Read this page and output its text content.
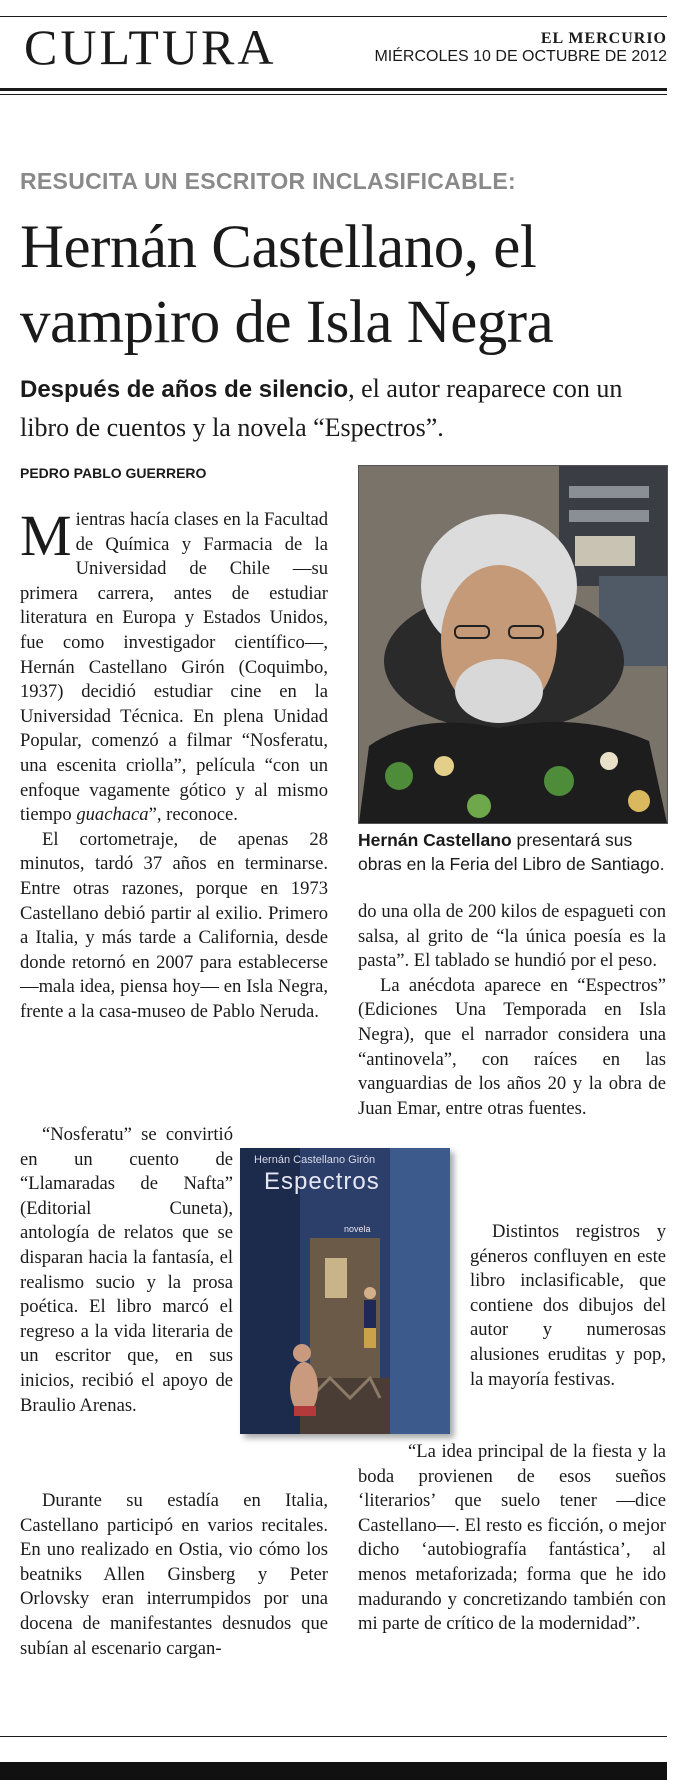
CULTURA	EL MERCURIO
MIÉRCOLES 10 DE OCTUBRE DE 2012
RESUCITA UN ESCRITOR INCLASIFICABLE:
Hernán Castellano, el
vampiro de Isla Negra
Después de años de silencio, el autor reaparece con un libro de cuentos y la novela “Espectros”.
PEDRO PABLO GUERRERO

Mientras hacía clases en la Facultad de Química y Farmacia de la Universidad de Chile —su primera carrera, antes de estudiar literatura en Europa y Estados Unidos, fue como investigador científico—, Hernán Castellano Girón (Coquimbo, 1937) decidió estudiar cine en la Universidad Técnica. En plena Unidad Popular, comenzó a filmar “Nosferatu, una escenita criolla”, película “con un enfoque vagamente gótico y al mismo tiempo guachaca”, reconoce.

El cortometraje, de apenas 28 minutos, tardó 37 años en terminarse. Entre otras razones, porque en 1973 Castellano debió partir al exilio. Primero a Italia, y más tarde a California, desde donde retornó en 2007 para establecerse —mala idea, piensa hoy— en Isla Negra, frente a la casa-museo de Pablo Neruda.

“Nosferatu” se convirtió en un cuento de “Llamaradas de Nafta” (Editorial Cuneta), antología de relatos que se disparan hacia la fantasía, el realismo sucio y la prosa poética. El libro marcó el regreso a la vida literaria de un escritor que, en sus inicios, recibió el apoyo de Braulio Arenas.

Durante su estadía en Italia, Castellano participó en varios recitales. En uno realizado en Ostia, vio cómo los beatniks Allen Ginsberg y Peter Orlovsky eran interrumpidos por una docena de manifestantes desnudos que subían al escenario cargan-

Hernán Castellano presentará sus obras en la Feria del Libro de Santiago.

do una olla de 200 kilos de espagueti con salsa, al grito de “la única poesía es la pasta”. El tablado se hundió por el peso.

La anécdota aparece en “Espectros” (Ediciones Una Temporada en Isla Negra), que el narrador considera una “antinovela”, con raíces en las vanguardias de los años 20 y la obra de Juan Emar, entre otras fuentes.

Distintos registros y géneros confluyen en este libro inclasificable, que contiene dos dibujos del autor y numerosas alusiones eruditas y pop, la mayoría festivas.

“La idea principal de la fiesta y la boda provienen de esos sueños ‘literarios’ que suelo tener —dice Castellano—. El resto es ficción, o mejor dicho ‘autobiografía fantástica’, al menos metaforizada; forma que he ido madurando y concretizando también con mi parte de crítico de la modernidad”.

Hernán Castellano Girón
Espectros
novela
